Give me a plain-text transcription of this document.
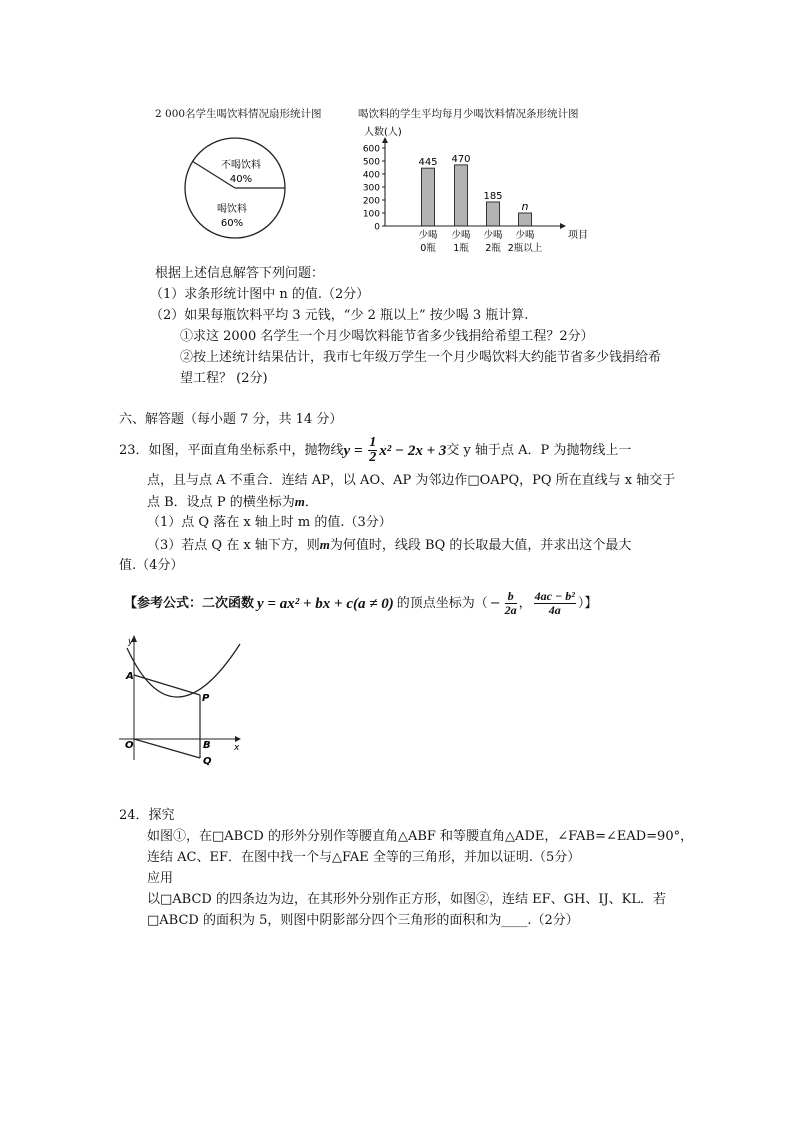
2 000名学生喝饮料情况扇形统计图
不喝饮料
40%
喝饮料
60%
喝饮料的学生平均每月少喝饮料情况条形统计图
0
100
200
300
400
500
600
445 470
185
n
少喝
0瓶
少喝
1瓶
少喝
2瓶
少喝
2瓶以上
人数(人)
项目
根据上述信息解答下列问题：
（1）求条形统计图中 n 的值.（2分）
（2）如果每瓶饮料平均 3 元钱，“少 2 瓶以上” 按少喝 3 瓶计算.
①求这 2000 名学生一个月少喝饮料能节省多少钱捐给希望工程？2分）
②按上述统计结果估计，我市七年级万学生一个月少喝饮料大约能节省多少钱捐给希
望工程？ (2分)
六、解答题（每小题 7 分，共 14 分）
23．如图，平面直角坐标系中，抛物线 $y = \frac{1}{2} x^2 - 2x + 3$ 交 y 轴于点 A．P 为抛物线上一
点，且与点 A 不重合．连结 AP，以 AO、AP 为邻边作□OAPQ，PQ 所在直线与 x 轴交于
点 B．设点 P 的横坐标为m．
（1）点 Q 落在 x 轴上时 m 的值.（3分）
（3）若点 Q 在 x 轴下方，则m为何值时，线段 BQ 的长取最大值，并求出这个最大
值.（4分）
【参考公式：二次函数 y = ax² + bx + c(a ≠ 0) 的顶点坐标为（ − $\frac{b}{2a}$ ， $\frac{\text{4ac − b²}}{4a}$ ）】
y
x
A
P
O	B
Q
24．探究
如图①，在□ABCD 的形外分别作等腰直角△ABF 和等腰直角△ADE，∠FAB=∠EAD=90°，
连结 AC、EF．在图中找一个与△FAE 全等的三角形，并加以证明.（5分）
应用
以□ABCD 的四条边为边，在其形外分别作正方形，如图②，连结 EF、GH、IJ、KL．若
□ABCD 的面积为 5，则图中阴影部分四个三角形的面积和为____.（2分）
